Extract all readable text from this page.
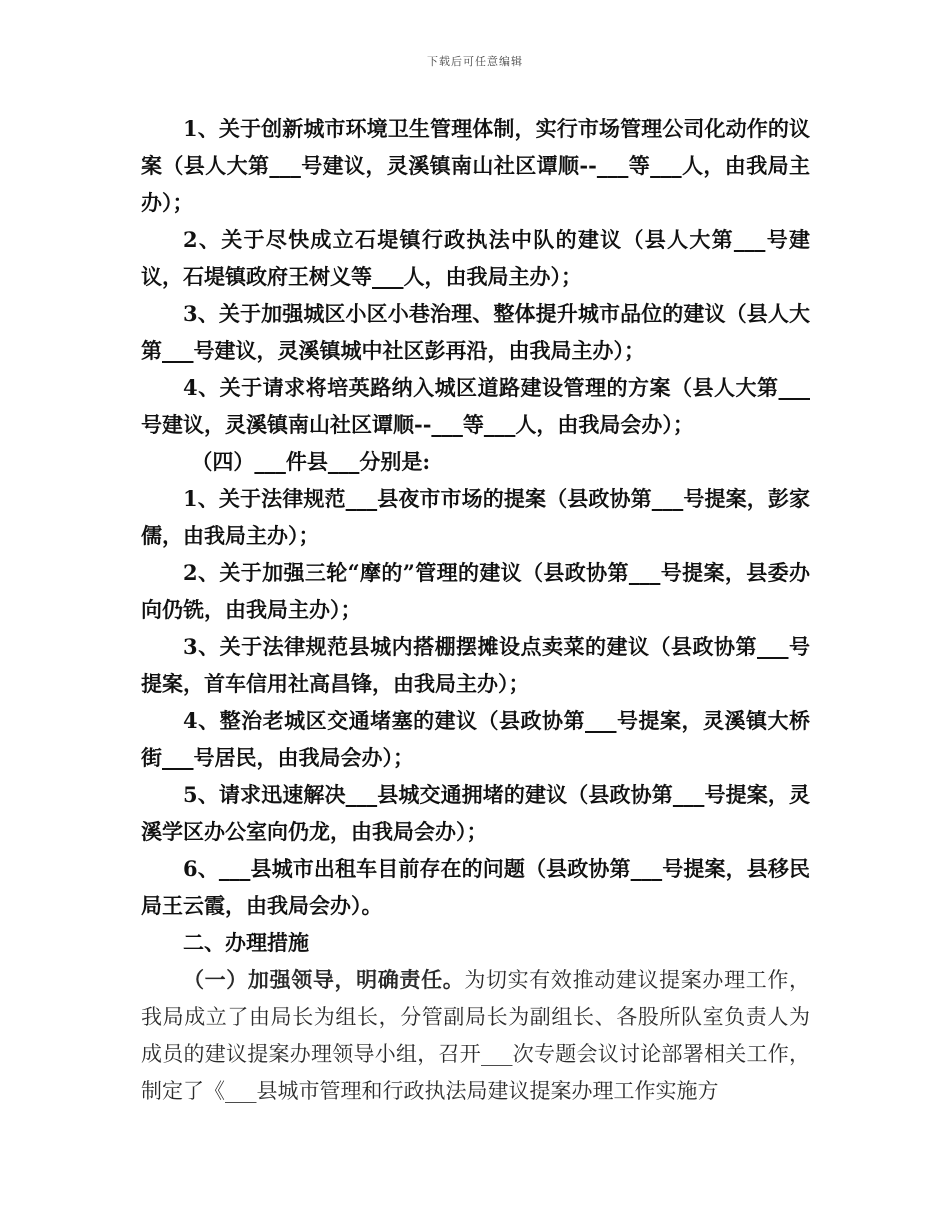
下载后可任意编辑

1、关于创新城市环境卫生管理体制，实行市场管理公司化动作的议案（县人大第___号建议，灵溪镇南山社区谭顺--___等___人，由我局主办）；

2、关于尽快成立石堤镇行政执法中队的建议（县人大第___号建议，石堤镇政府王树义等___人，由我局主办）；

3、关于加强城区小区小巷治理、整体提升城市品位的建议（县人大第___号建议，灵溪镇城中社区彭再沿，由我局主办）；

4、关于请求将培英路纳入城区道路建设管理的方案（县人大第___号建议，灵溪镇南山社区谭顺--___等___人，由我局会办）；

（四）___件县___分别是:

1、关于法律规范___县夜市市场的提案（县政协第___号提案，彭家儒，由我局主办）；

2、关于加强三轮“摩的”管理的建议（县政协第___号提案，县委办向仍铣，由我局主办）；

3、关于法律规范县城内搭棚摆摊设点卖菜的建议（县政协第___号提案，首车信用社高昌锋，由我局主办）；

4、整治老城区交通堵塞的建议（县政协第___号提案，灵溪镇大桥街___号居民，由我局会办）；

5、请求迅速解决___县城交通拥堵的建议（县政协第___号提案，灵溪学区办公室向仍龙，由我局会办）；

6、___县城市出租车目前存在的问题（县政协第___号提案，县移民局王云霞，由我局会办）。

二、办理措施

（一）加强领导，明确责任。为切实有效推动建议提案办理工作，我局成立了由局长为组长，分管副局长为副组长、各股所队室负责人为成员的建议提案办理领导小组，召开___次专题会议讨论部署相关工作，制定了《___县城市管理和行政执法局建议提案办理工作实施方
